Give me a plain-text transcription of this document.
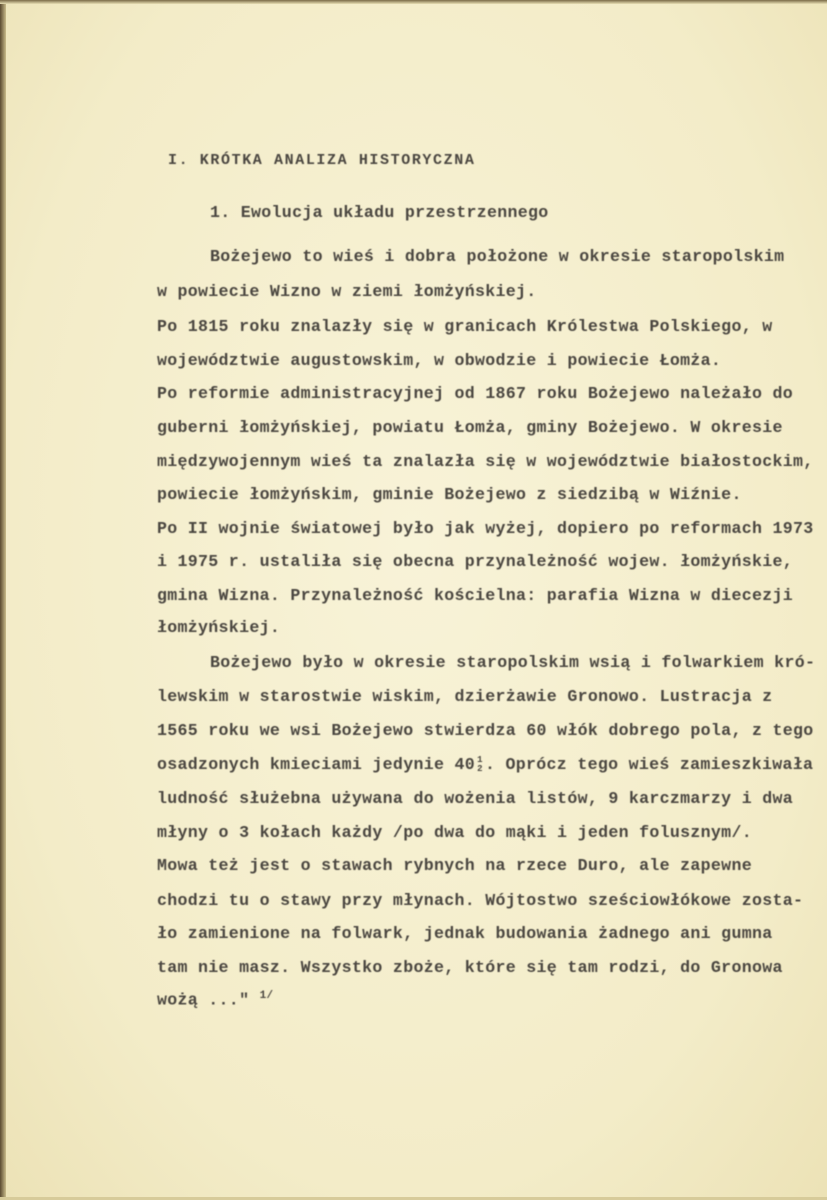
I. KRÓTKA ANALIZA HISTORYCZNA
1. Ewolucja układu przestrzennego
Bożejewo to wieś i dobra położone w okresie staropolskim
w powiecie Wizno w ziemi łomżyńskiej.
Po 1815 roku znalazły się w granicach Królestwa Polskiego, w
województwie augustowskim, w obwodzie i powiecie Łomża.
Po reformie administracyjnej od 1867 roku Bożejewo należało do
guberni łomżyńskiej, powiatu Łomża, gminy Bożejewo. W okresie
międzywojennym wieś ta znalazła się w województwie białostockim,
powiecie łomżyńskim, gminie Bożejewo z siedzibą w Wiźnie.
Po II wojnie światowej było jak wyżej, dopiero po reformach 1973
i 1975 r. ustaliła się obecna przynależność wojew. łomżyńskie,
gmina Wizna. Przynależność kościelna: parafia Wizna w diecezji
łomżyńskiej.
Bożejewo było w okresie staropolskim wsią i folwarkiem kró-
lewskim w starostwie wiskim, dzierżawie Gronowo. Lustracja z
1565 roku we wsi Bożejewo stwierdza 60 włók dobrego pola, z tego
osadzonych kmieciami jedynie 40 1
2 . Oprócz tego wieś zamieszkiwała
ludność służebna używana do wożenia listów, 9 karczmarzy i dwa
młyny o 3 kołach każdy /po dwa do mąki i jeden folusznym/.
Mowa też jest o stawach rybnych na rzece Duro, ale zapewne
chodzi tu o stawy przy młynach. Wójtostwo sześciowłókowe zosta-
ło zamienione na folwark, jednak budowania żadnego ani gumna
tam nie masz. Wszystko zboże, które się tam rodzi, do Gronowa
wożą ..." $^{1/}$
